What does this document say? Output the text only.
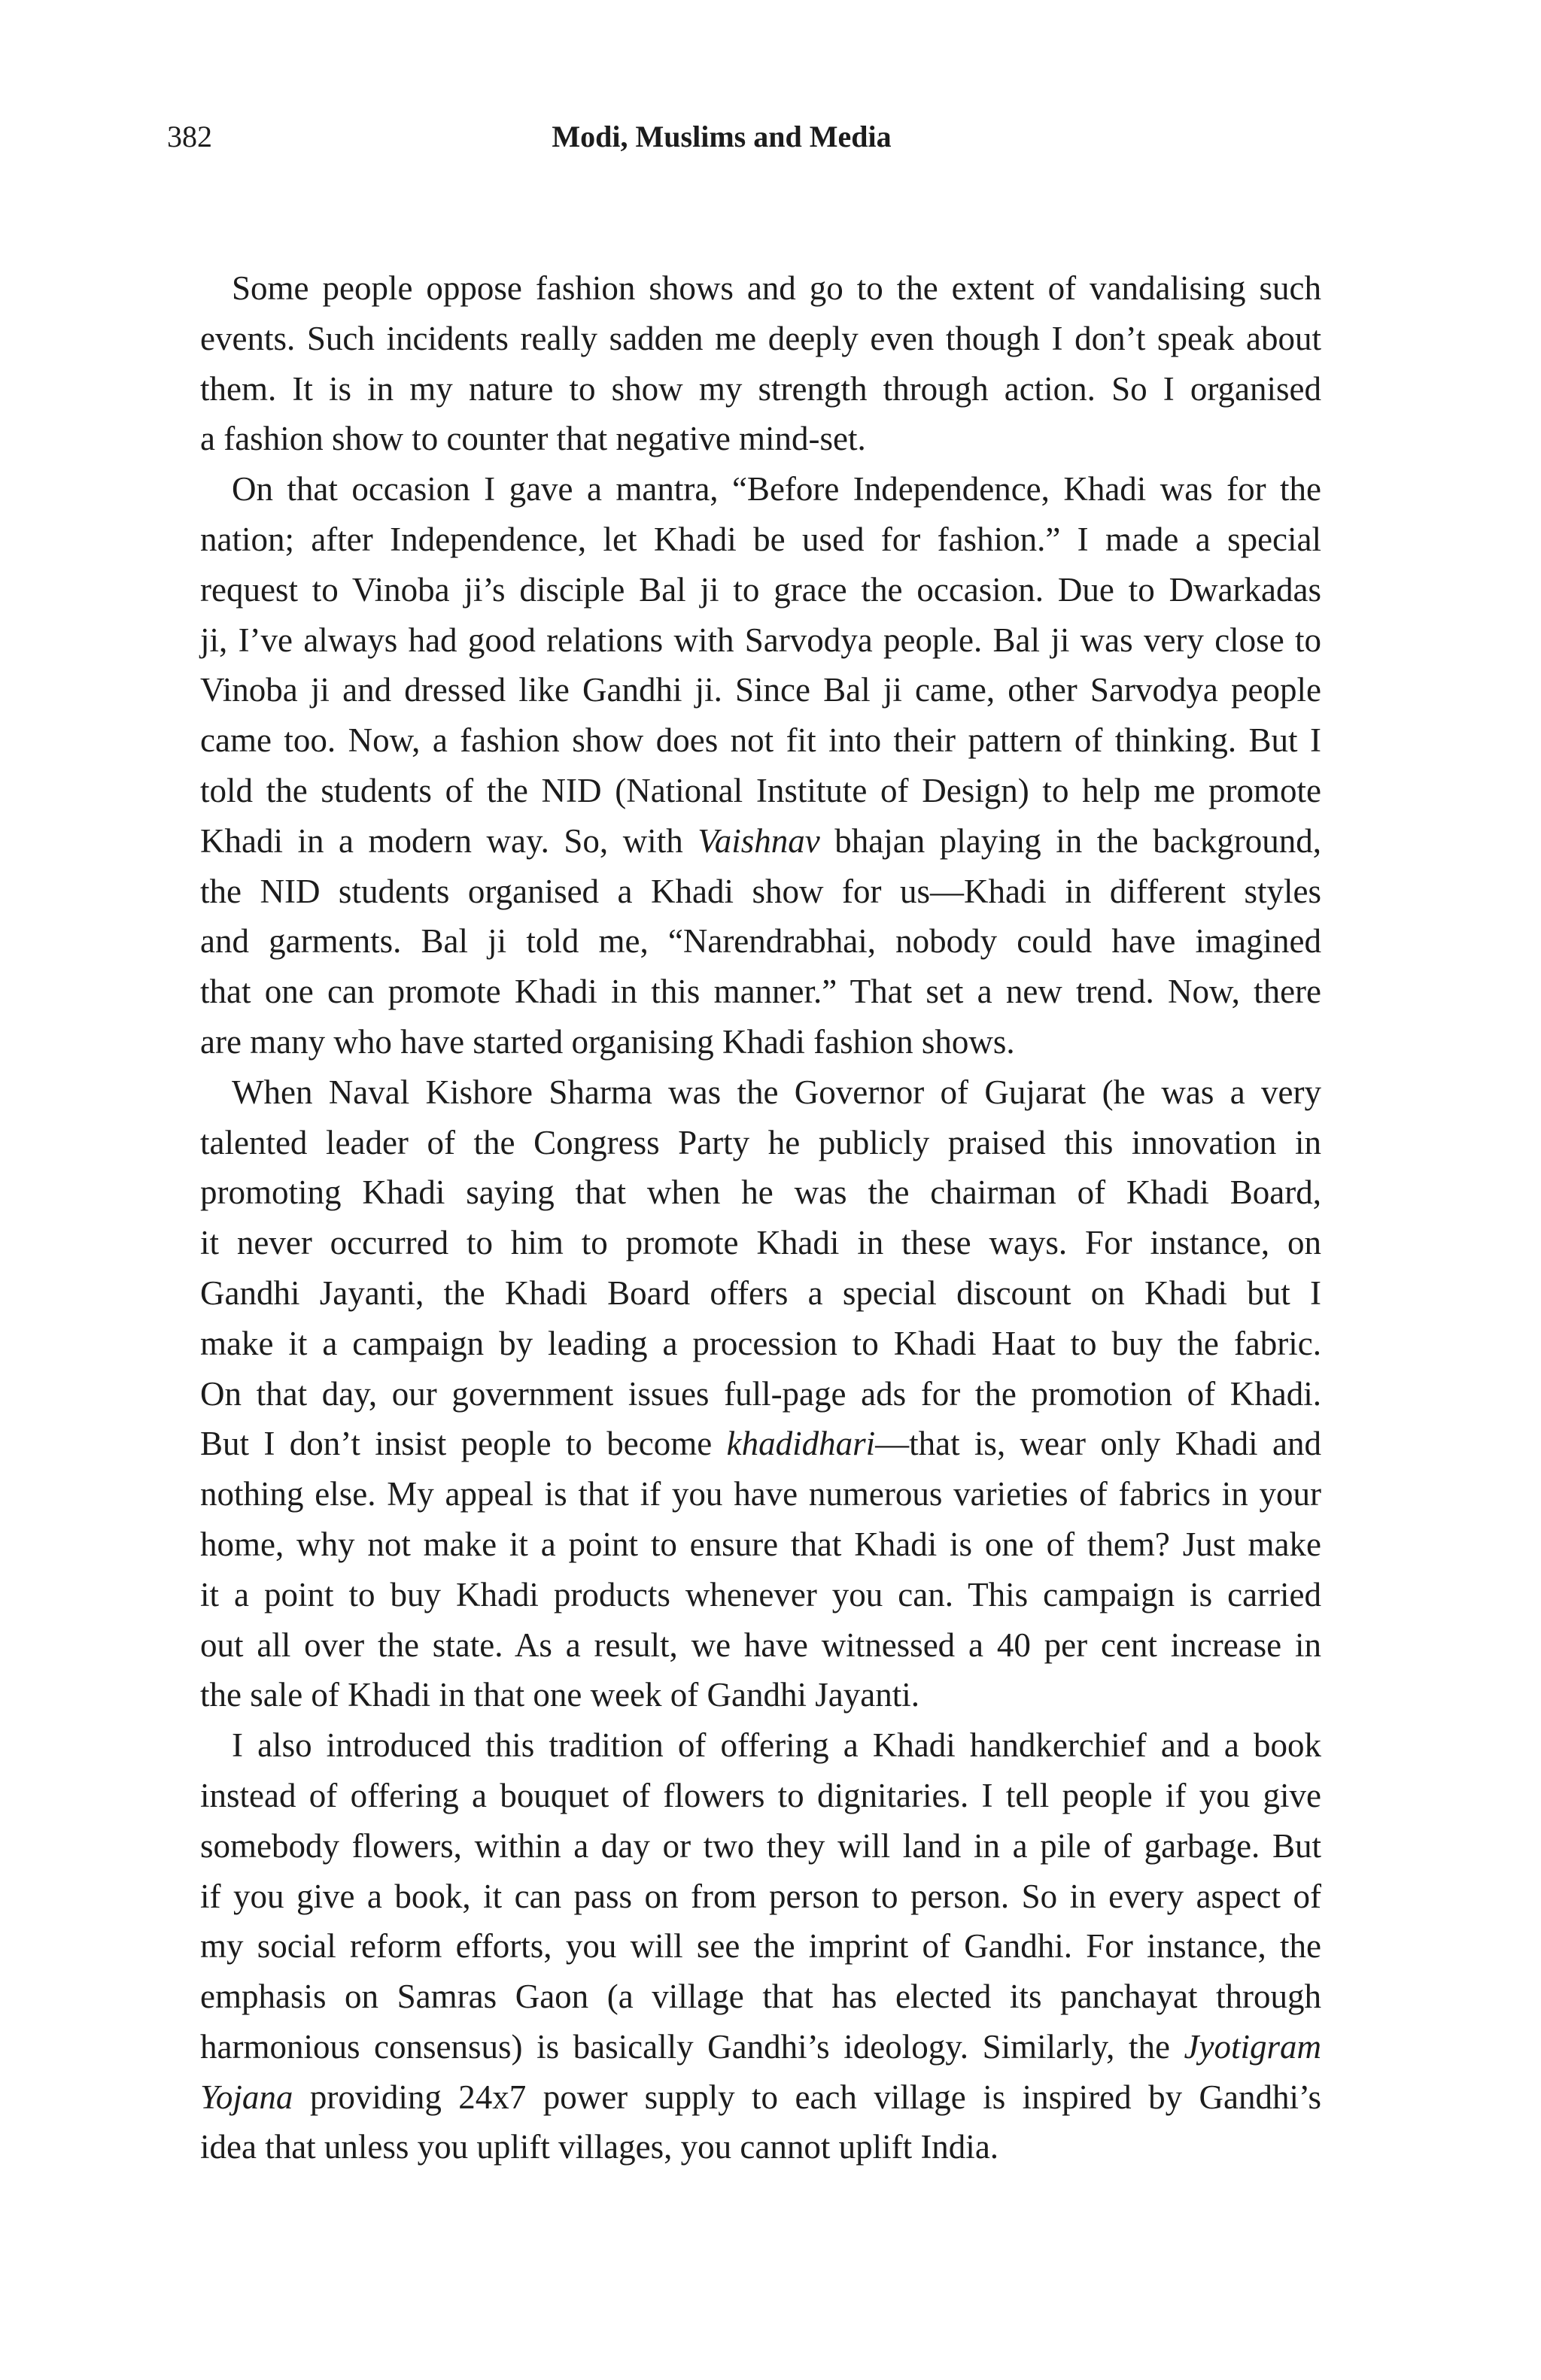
382	Modi, Muslims and Media

Some people oppose fashion shows and go to the extent of vandalising such
events. Such incidents really sadden me deeply even though I don’t speak about
them. It is in my nature to show my strength through action. So I organised
a fashion show to counter that negative mind-set.

On that occasion I gave a mantra, “Before Independence, Khadi was for the
nation; after Independence, let Khadi be used for fashion.” I made a special
request to Vinoba ji’s disciple Bal ji to grace the occasion. Due to Dwarkadas
ji, I’ve always had good relations with Sarvodya people. Bal ji was very close to
Vinoba ji and dressed like Gandhi ji. Since Bal ji came, other Sarvodya people
came too. Now, a fashion show does not fit into their pattern of thinking. But I
told the students of the NID (National Institute of Design) to help me promote
Khadi in a modern way. So, with Vaishnav bhajan playing in the background,
the NID students organised a Khadi show for us—Khadi in different styles
and garments. Bal ji told me, “Narendrabhai, nobody could have imagined
that one can promote Khadi in this manner.” That set a new trend. Now, there
are many who have started organising Khadi fashion shows.

When Naval Kishore Sharma was the Governor of Gujarat (he was a very
talented leader of the Congress Party he publicly praised this innovation in
promoting Khadi saying that when he was the chairman of Khadi Board,
it never occurred to him to promote Khadi in these ways. For instance, on
Gandhi Jayanti, the Khadi Board offers a special discount on Khadi but I
make it a campaign by leading a procession to Khadi Haat to buy the fabric.
On that day, our government issues full-page ads for the promotion of Khadi.
But I don’t insist people to become khadidhari—that is, wear only Khadi and
nothing else. My appeal is that if you have numerous varieties of fabrics in your
home, why not make it a point to ensure that Khadi is one of them? Just make
it a point to buy Khadi products whenever you can. This campaign is carried
out all over the state. As a result, we have witnessed a 40 per cent increase in
the sale of Khadi in that one week of Gandhi Jayanti.

I also introduced this tradition of offering a Khadi handkerchief and a book
instead of offering a bouquet of flowers to dignitaries. I tell people if you give
somebody flowers, within a day or two they will land in a pile of garbage. But
if you give a book, it can pass on from person to person. So in every aspect of
my social reform efforts, you will see the imprint of Gandhi. For instance, the
emphasis on Samras Gaon (a village that has elected its panchayat through
harmonious consensus) is basically Gandhi’s ideology. Similarly, the Jyotigram
Yojana providing 24x7 power supply to each village is inspired by Gandhi’s
idea that unless you uplift villages, you cannot uplift India.
